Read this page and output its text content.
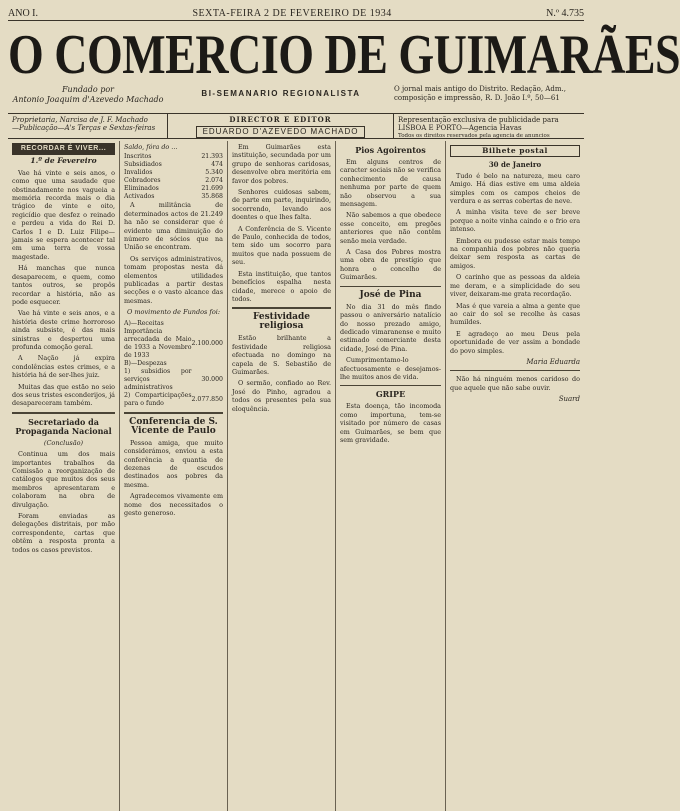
ANO I.	SEXTA-FEIRA 2 DE FEVEREIRO DE 1934	N.º 4.735
O COMERCIO DE GUIMARÃES
Fundado por
Antonio Joaquim d'Azevedo Machado
BI-SEMANARIO REGIONALISTA	O jornal mais antigo do Distrito. Redação, Adm., composição e impressão, R. D. João I.º, 50—61
Proprietaria, Narcisa de J. F. Machado
—Publicação—A's Terças e Sextas-feiras
DIRECTOR E EDITOR
EDUARDO D'AZEVEDO MACHADO
Representação exclusiva de publicidade para LISBOA E PORTO—Agencia Havas
Todos os direitos reservados pela agencia de anuncios
RECORDAR É VIVER...
1.º de Fevereiro

Vae há vinte e seis anos, o como que uma saudade que obstinadamente nos vagueia a memória recorda mais o dia trágico de vinte e oito, regicídio que desfez o reinado e perdeu a vida do Rei D. Carlos I e D. Luiz Filipe—jamais se espera acontecer tal em uma terra de vossa magestade.

Há manchas que nunca desaparecem, e quem, como tantos outros, se propôs recordar a história, não as pode esquecer.

Vae há vinte e seis anos, e a história deste crime horroroso ainda subsiste, é das mais sinistras e despertou uma profunda comoção geral.

A Nação já expira condolências estes crimes, e a história há de ser-lhes juiz.

Muitas das que estão no seio dos seus tristes esconderijos, já desapareceram também.

Secretariado da Propaganda Nacional
(Conclusão)

Continua um dos mais importantes trabalhos da Comissão a reorganização de catálogos que muitos dos seus membros apresentaram e colaboram na obra de divulgação.

Foram enviadas as delegações distritais, por mão correspondente, cartas que obtêm a resposta pronta a todos os casos previstos.

Saldo, fóra do ...
Inscritos	21.393
Subsidiados	474
Invalidos	5.340
Cobradores	2.074
Eliminados	21.699
Activados	35.868

A militância de determinados actos de 21.249 ha não se considerar que é evidente uma diminuição do número de sócios que na União se encontram.

Os serviços administrativos, tomam propostas nesta dá elementos utilidades publicadas a partir destas secções e o vasto alcance das mesmas.

O movimento de Fundos foi:
A)—Receitas	
Importância arrecadada de Maio de 1933 a Novembro de 1933	2.100.000
B)—Despezas	
1) subsidios por serviços administrativos	30.000
2) Comparticipações para o fundo	2.077.850
Conferencia de S. Vicente de Paulo

Pessoa amiga, que muito considerámos, enviou a esta conferência a quantia de dezenas de escudos destinados aos pobres da mesma.

Agradecemos vivamente em nome dos necessitados o gesto generoso.

Em Guimarães esta instituição, secundada por um grupo de senhoras caridosas, desenvolve obra meritória em favor dos pobres.

Senhores cuidosas sabem, de parte em parte, inquirindo, socorrendo, levando aos doentes o que lhes falta.

A Conferência de S. Vicente de Paulo, conhecida de todos, tem sido um socorro para muitos que nada possuem de seu.

Esta instituição, que tantos benefícios espalha nesta cidade, merece o apoio de todos.

Festividade religiosa

Estão brilhante a festividade religiosa efectuada no domingo na capela de S. Sebastião de Guimarães.

O sermão, confiado ao Rev. José do Pinho, agradou a todos os presentes pela sua eloquência.

Pios Agoirentos

Em alguns centros de caracter sociais não se verifica conhecimento de causa nenhuma por parte de quem não observou a sua mensagem.

Não sabemos a que obedece esse conceito, em pregões anteriores que não contêm senão meia verdade.

A Casa dos Pobres mostra uma obra de prestígio que honra o concelho de Guimarães.

José de Pina

No dia 31 do mês findo passou o aniversário natalício do nosso prezado amigo, dedicado vimaranense e muito estimado comerciante desta cidade, José de Pina.

Cumprimentamo-lo afectuosamente e desejamos-lhe muitos anos de vida.

GRIPE

Esta doença, tão incomoda como importuna, tem-se visitado por número de casas em Guimarães, se bem que sem gravidade.

Bilhete postal
30 de Janeiro

Tudo é belo na natureza, meu caro Amigo. Há dias estive em uma aldeia simples com os campos cheios de verdura e as serras cobertas de neve.

A minha visita teve de ser breve porque a noite vinha caindo e o frio era intenso.

Embora eu pudesse estar mais tempo na companhia dos pobres não queria deixar sem resposta as cartas de amigos.

O carinho que as pessoas da aldeia me deram, e a simplicidade do seu viver, deixaram-me grata recordação.

Mas é que vareia a alma a gente que ao cair do sol se recolhe às casas humildes.

E agradeço ao meu Deus pela oportunidade de ver assim a bondade do povo simples.

Maria Eduarda

Não há ninguém menos caridoso do que aquele que não sabe ouvir.

Suard
